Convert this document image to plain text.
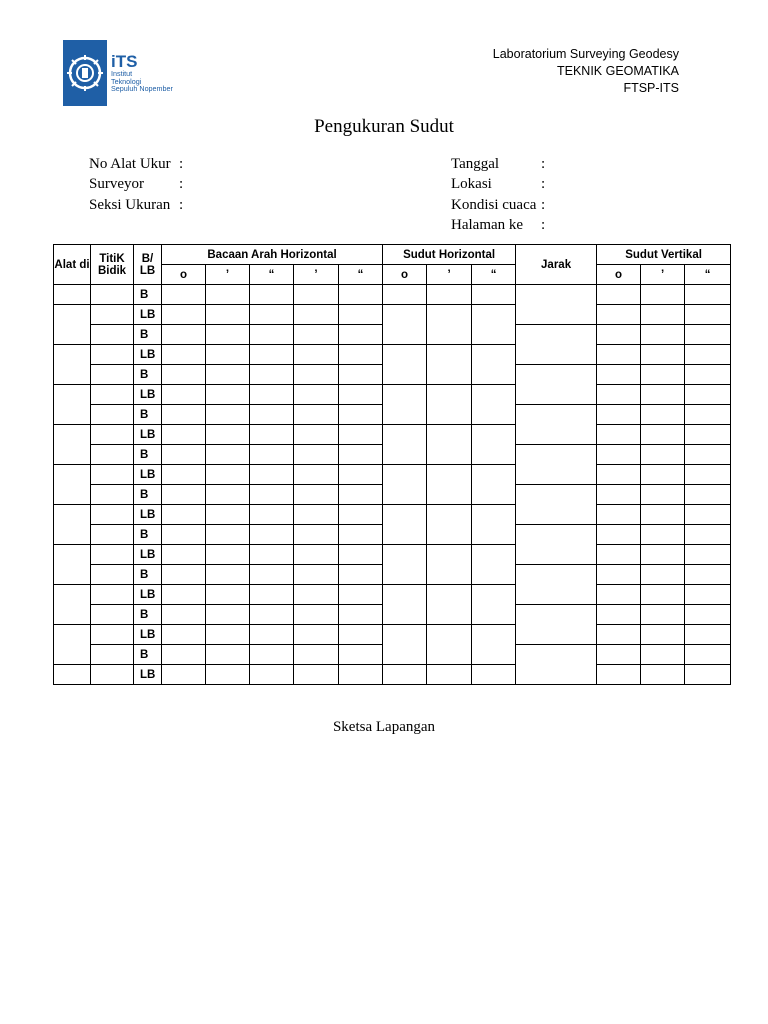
iTS
Institut
Teknologi
Sepuluh Nopember
Laboratorium Surveying Geodesy
TEKNIK GEOMATIKA
FTSP-ITS
Pengukuran Sudut
No Alat Ukur :
Surveyor	:
Seksi Ukuran :
Tanggal	:
Lokasi	:
Kondisi cuaca :
Halaman ke	:
Alat di	TitiK Bidik	B/ LB	Bacaan Arah Horizontal					Sudut Horizontal			Jarak	Sudut Vertikal		
			o	’	“	’	“	o	’	“		o	’	“
		B												
		LB												
		B												
		LB												
		B												
		LB												
		B												
		LB												
		B												
		LB												
		B												
		LB												
		B												
		LB												
		B												
		LB												
		B												
		LB												
		B												
		LB												
Sketsa Lapangan
